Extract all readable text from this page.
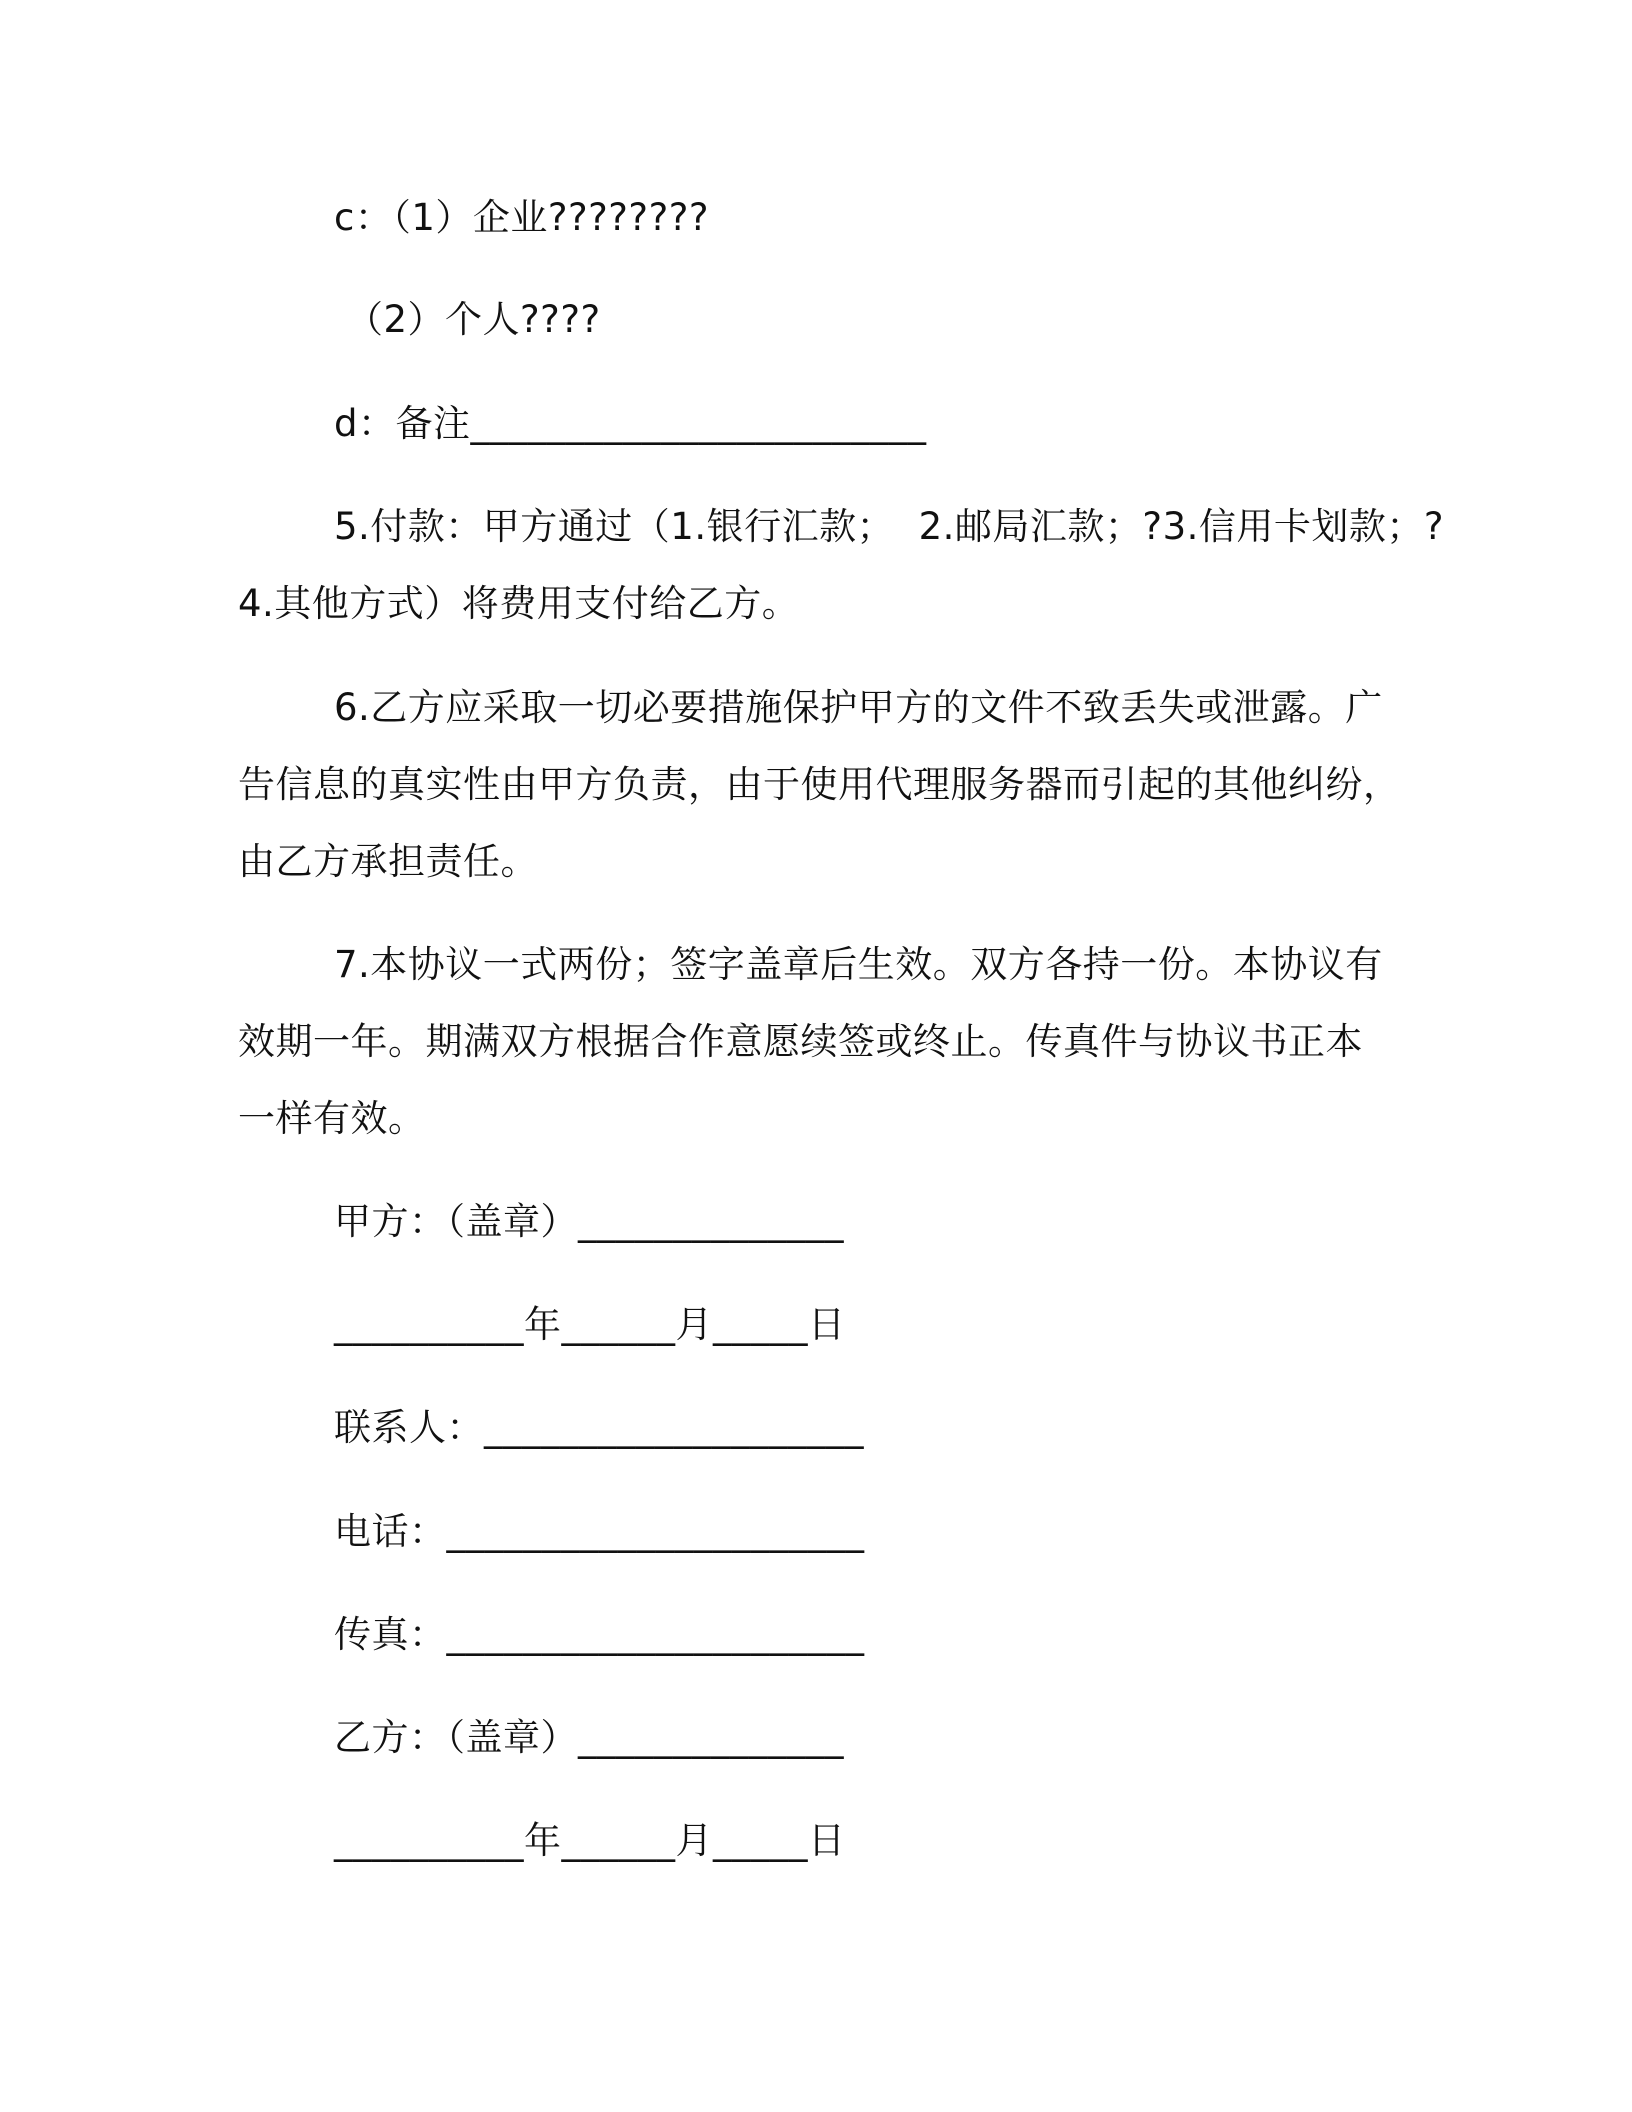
c：（1）企业????????
（2）个人????
d：备注________________________
5.付款：甲方通过（1.银行汇款；  2.邮局汇款；?3.信用卡划款；?
4.其他方式）将费用支付给乙方。
6.乙方应采取一切必要措施保护甲方的文件不致丢失或泄露。广
告信息的真实性由甲方负责，由于使用代理服务器而引起的其他纠纷，
由乙方承担责任。
7.本协议一式两份；签字盖章后生效。双方各持一份。本协议有
效期一年。期满双方根据合作意愿续签或终止。传真件与协议书正本
一样有效。
甲方：（盖章）______________
__________年______月_____日
联系人：____________________
电话：______________________
传真：______________________
乙方：（盖章）______________
__________年______月_____日
